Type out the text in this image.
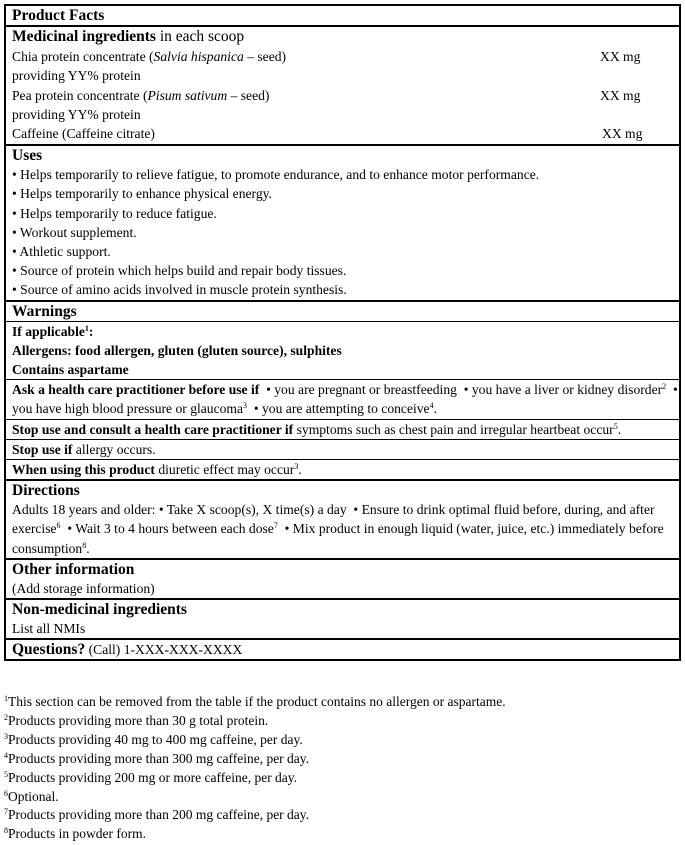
Product Facts
Medicinal ingredients in each scoop
Chia protein concentrate (Salvia hispanica – seed)
providing YY% protein
XX mg
Pea protein concentrate (Pisum sativum – seed)
providing YY% protein
XX mg
Caffeine (Caffeine citrate)	XX mg
Uses
• Helps temporarily to relieve fatigue, to promote endurance, and to enhance motor performance.
• Helps temporarily to enhance physical energy.
• Helps temporarily to reduce fatigue.
• Workout supplement.
• Athletic support.
• Source of protein which helps build and repair body tissues.
• Source of amino acids involved in muscle protein synthesis.
Warnings
If applicable$^1$:
Allergens: food allergen, gluten (gluten source), sulphites
Contains aspartame
Ask a health care practitioner before use if  • you are pregnant or breastfeeding  • you have a liver or kidney disorder$^2$  • you have high blood pressure or glaucoma$^3$  • you are attempting to conceive$^4$.
Stop use and consult a health care practitioner if symptoms such as chest pain and irregular heartbeat occur$^5$.
Stop use if allergy occurs.
When using this product diuretic effect may occur$^3$.
Directions
Adults 18 years and older: • Take X scoop(s), X time(s) a day  • Ensure to drink optimal fluid before, during, and after exercise$^6$  • Wait 3 to 4 hours between each dose$^7$  • Mix product in enough liquid (water, juice, etc.) immediately before consumption$^8$.
Other information
(Add storage information)
Non-medicinal ingredients
List all NMIs
Questions? (Call) 1-XXX-XXX-XXXX
$^1$This section can be removed from the table if the product contains no allergen or aspartame.
$^2$Products providing more than 30 g total protein.
$^3$Products providing 40 mg to 400 mg caffeine, per day.
$^4$Products providing more than 300 mg caffeine, per day.
$^5$Products providing 200 mg or more caffeine, per day.
$^6$Optional.
$^7$Products providing more than 200 mg caffeine, per day.
$^8$Products in powder form.
